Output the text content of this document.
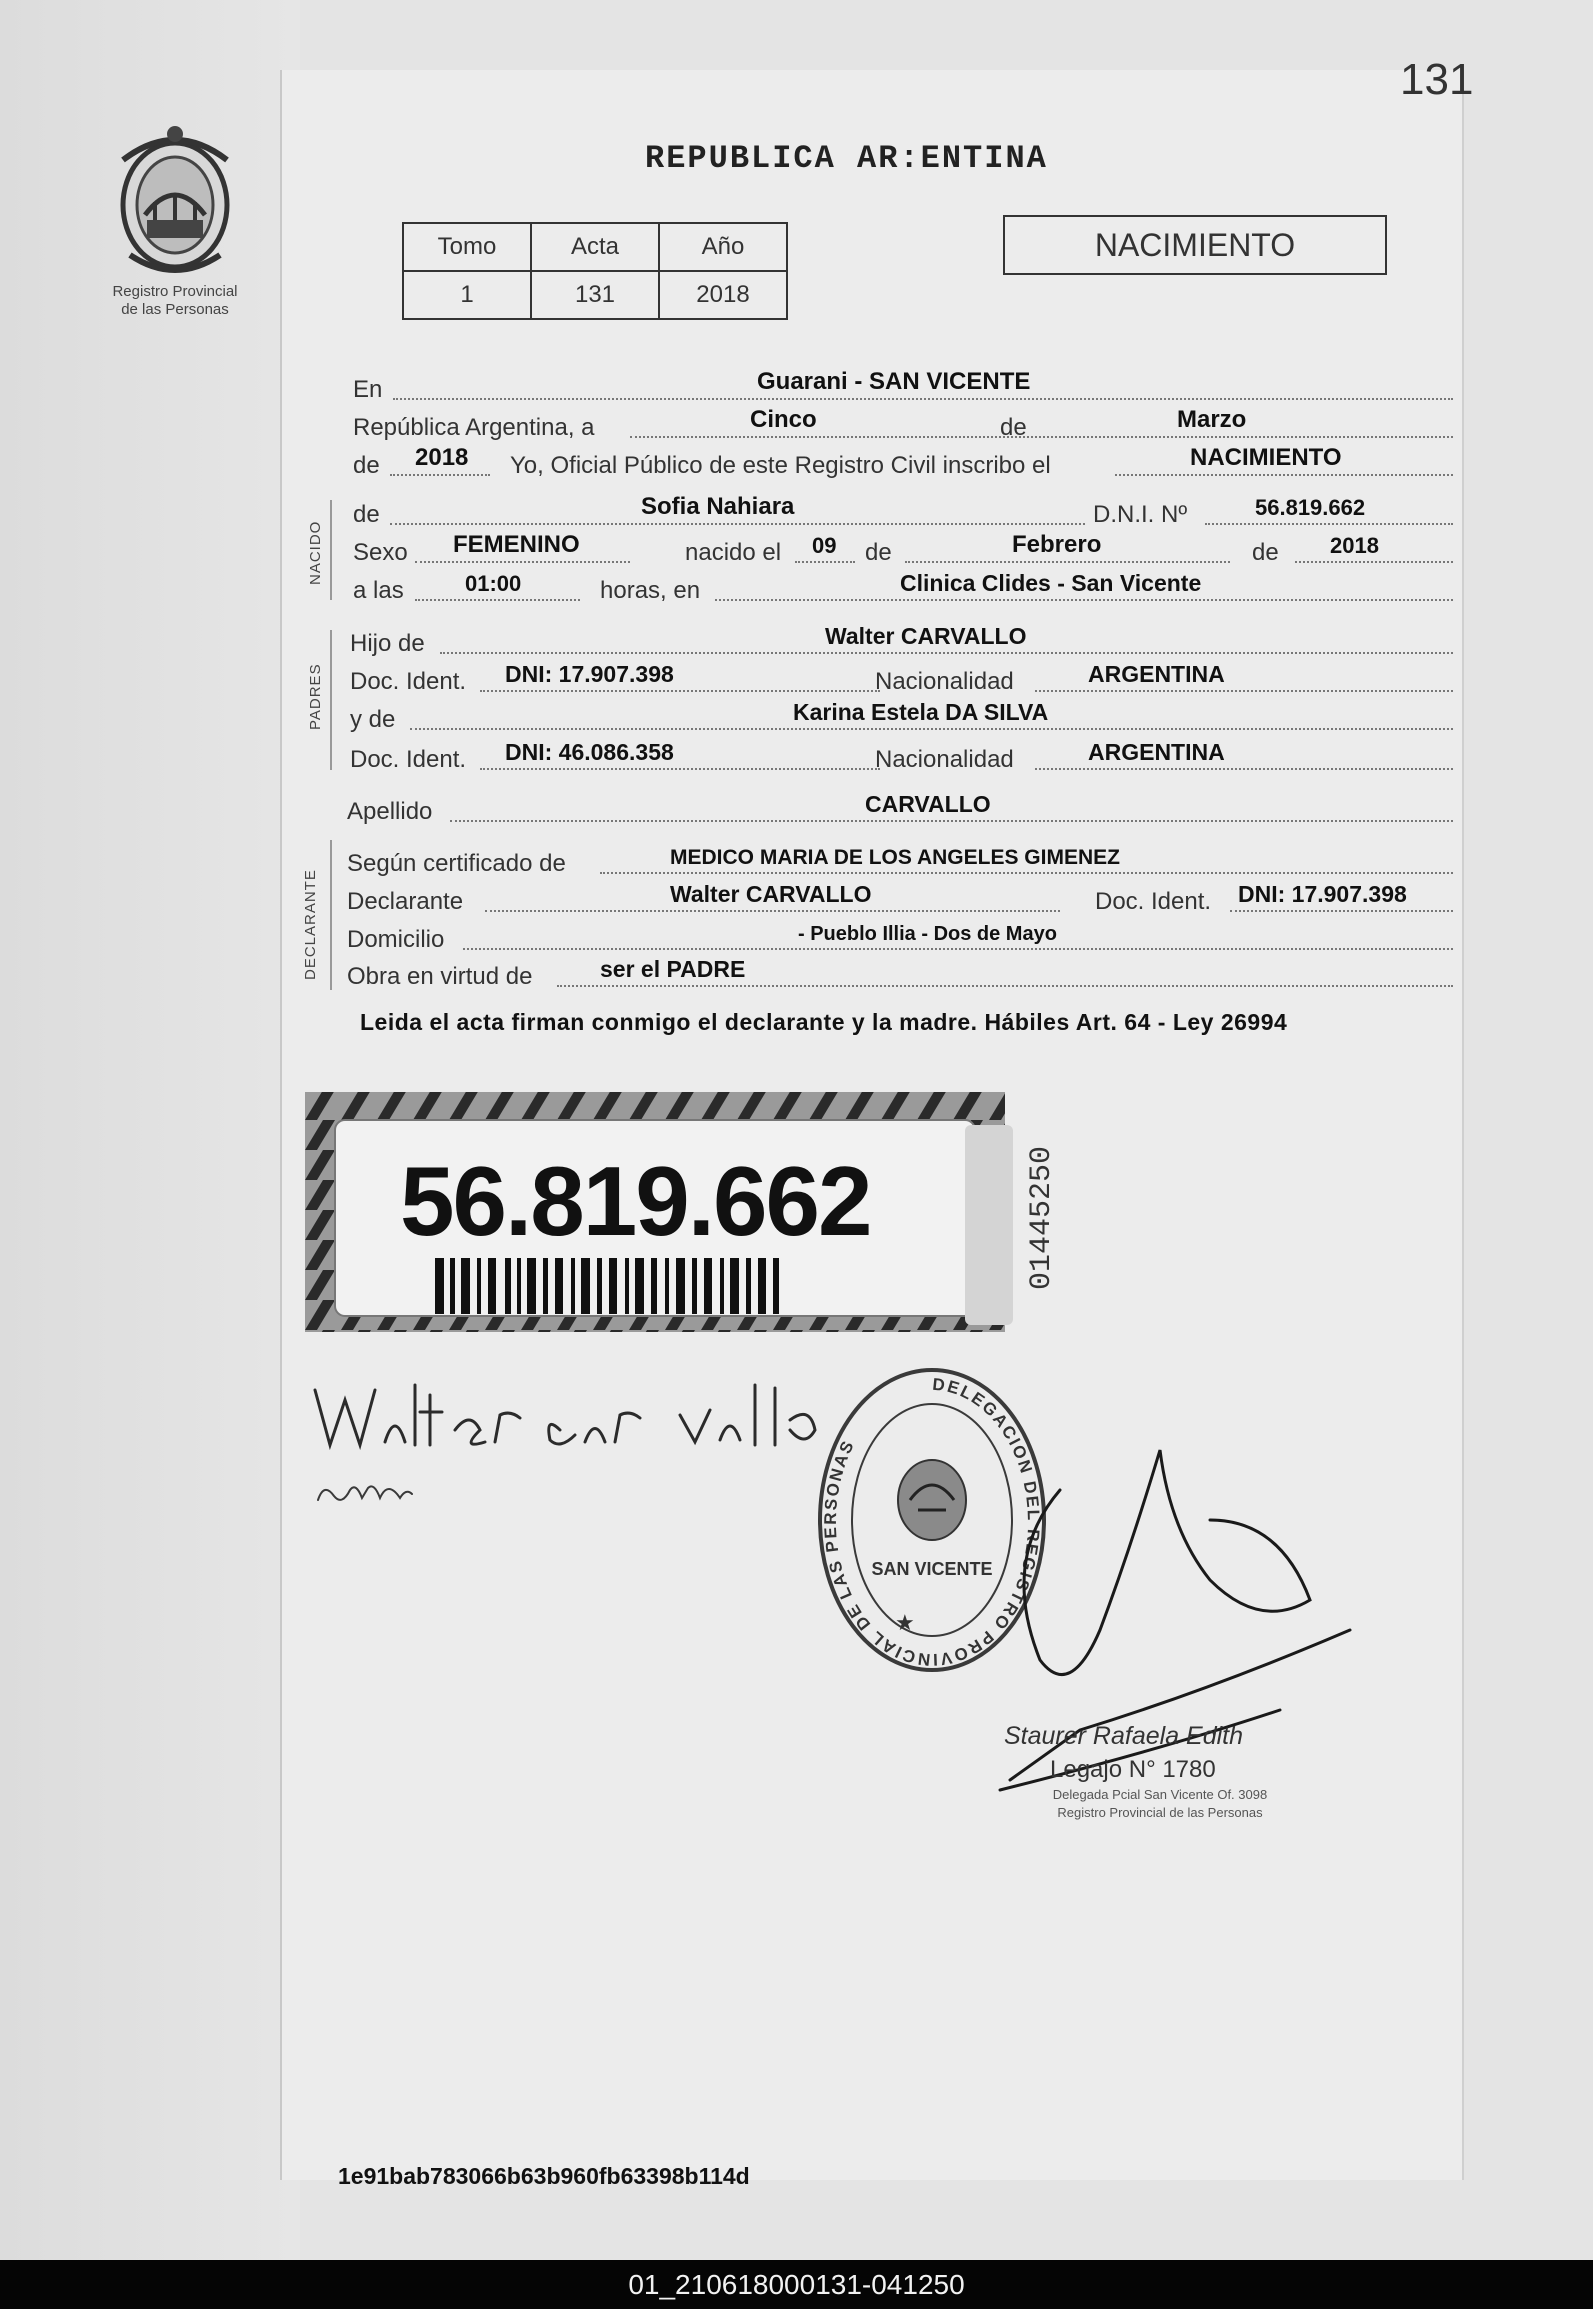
131
Registro Provincial
de las Personas
REPUBLICA AR:ENTINA
Tomo	Acta	Año
1	131	2018
NACIMIENTO
NACIDO
PADRES
DECLARANTE
En	Guarani - SAN VICENTE
República Argentina, a	Cinco	de	Marzo
de 2018 Yo, Oficial Público de este Registro Civil inscribo el	NACIMIENTO
de	Sofia Nahiara	D.N.I. Nº	56.819.662
Sexo FEMENINO	nacido el 09 de	Febrero	de 2018
a las	01:00	horas, en	Clinica Clides - San Vicente
Hijo de	Walter CARVALLO
Doc. Ident. DNI: 17.907.398	Nacionalidad	ARGENTINA
y de	Karina Estela DA SILVA
Doc. Ident. DNI: 46.086.358	Nacionalidad	ARGENTINA
Apellido	CARVALLO
Según certificado de	MEDICO MARIA DE LOS ANGELES GIMENEZ
Declarante	Walter CARVALLO	Doc. Ident. DNI: 17.907.398
Domicilio	- Pueblo Illia - Dos de Mayo
Obra en virtud de	ser el PADRE
Leida el acta firman conmigo el declarante y la madre. Hábiles Art. 64 - Ley 26994
56.819.662	01445250
DELEGACION DEL REGISTRO PROVINCIAL DE LAS PERSONAS
SAN VICENTE
★
Staurer Rafaela Edith
Legajo N° 1780
Delegada Pcial San Vicente Of. 3098
Registro Provincial de las Personas
1e91bab783066b63b960fb63398b114d
01_210618000131-041250
